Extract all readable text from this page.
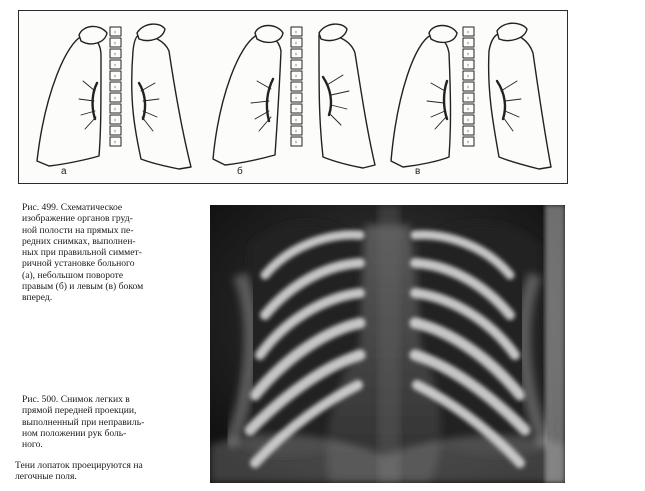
а	б	в

Рис. 499. Схематическое
изображение органов груд-
ной полости на прямых пе-
редних снимках, выполнен-
ных при правильной симмет-
ричной установке больного
(а), небольшом повороте
правым (б) и левым (в) боком
вперед.

Рис. 500. Снимок легких в
прямой передней проекции,
выполненный при неправиль-
ном положении рук боль-
ного.

Тени лопаток проецируются на
легочные поля.
